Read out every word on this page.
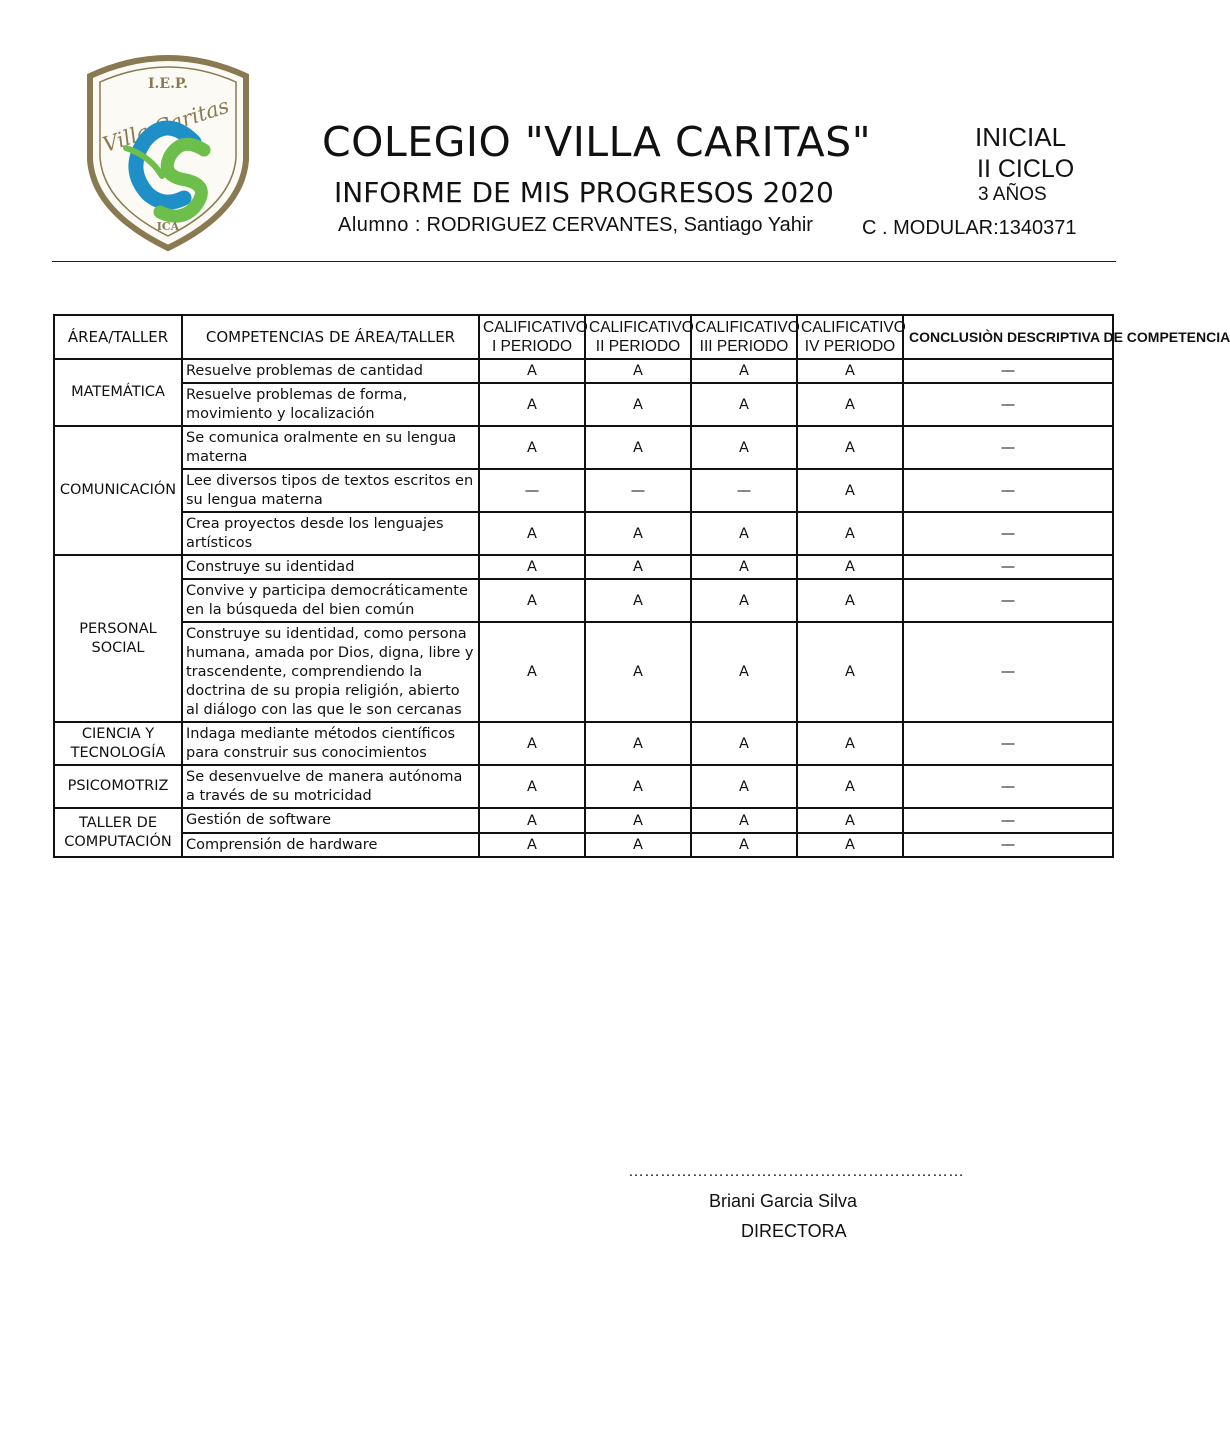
I.E.P.
Villa Caritas
ICA
COLEGIO "VILLA CARITAS"
INFORME DE MIS PROGRESOS 2020
Alumno : RODRIGUEZ CERVANTES, Santiago Yahir
INICIAL
II CICLO
3 AÑOS
C . MODULAR:1340371
ÁREA/TALLER	COMPETENCIAS DE ÁREA/TALLER	CALIFICATIVO I PERIODO	CALIFICATIVO II PERIODO	CALIFICATIVO III PERIODO	CALIFICATIVO IV PERIODO	CONCLUSIÒN DESCRIPTIVA DE COMPETENCIA
MATEMÁTICA	Resuelve problemas de cantidad	A	A	A	A	—
	Resuelve problemas de forma, movimiento y localización	A	A	A	A	—
COMUNICACIÓN	Se comunica oralmente en su lengua materna	A	A	A	A	—
	Lee diversos tipos de textos escritos en su lengua materna	—	—	—	A	—
	Crea proyectos desde los lenguajes artísticos	A	A	A	A	—
PERSONAL SOCIAL	Construye su identidad	A	A	A	A	—
	Convive y participa democráticamente en la búsqueda del bien común	A	A	A	A	—
	Construye su identidad, como persona humana, amada por Dios, digna, libre y trascendente, comprendiendo la doctrina de su propia religión, abierto al diálogo con las que le son cercanas	A	A	A	A	—
CIENCIA Y TECNOLOGÍA	Indaga mediante métodos científicos para construir sus conocimientos	A	A	A	A	—
PSICOMOTRIZ	Se desenvuelve de manera autónoma a través de su motricidad	A	A	A	A	—
TALLER DE COMPUTACIÓN	Gestión de software	A	A	A	A	—
	Comprensión de hardware	A	A	A	A	—
………………………………………………………
Briani Garcia Silva
DIRECTORA
